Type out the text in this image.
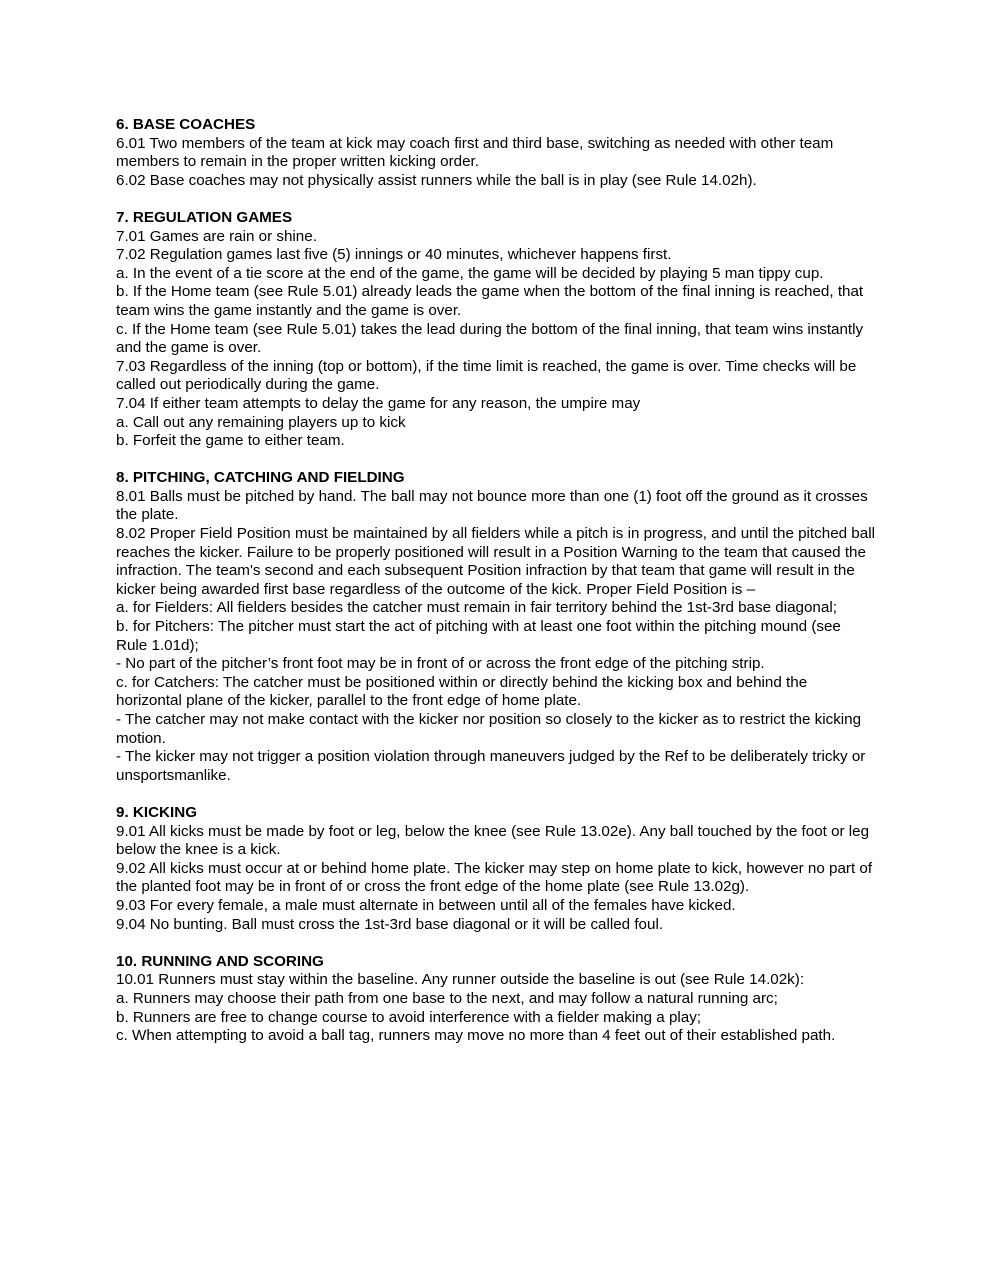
6. BASE COACHES
6.01 Two members of the team at kick may coach first and third base, switching as needed with other team members to remain in the proper written kicking order.
6.02 Base coaches may not physically assist runners while the ball is in play (see Rule 14.02h).
7. REGULATION GAMES
7.01 Games are rain or shine.
7.02 Regulation games last five (5) innings or 40 minutes, whichever happens first.
a. In the event of a tie score at the end of the game, the game will be decided by playing 5 man tippy cup.
b. If the Home team (see Rule 5.01) already leads the game when the bottom of the final inning is reached, that team wins the game instantly and the game is over.
c. If the Home team (see Rule 5.01) takes the lead during the bottom of the final inning, that team wins instantly and the game is over.
7.03 Regardless of the inning (top or bottom), if the time limit is reached, the game is over. Time checks will be called out periodically during the game.
7.04 If either team attempts to delay the game for any reason, the umpire may
a. Call out any remaining players up to kick
b. Forfeit the game to either team.
8. PITCHING, CATCHING AND FIELDING
8.01 Balls must be pitched by hand. The ball may not bounce more than one (1) foot off the ground as it crosses the plate.
8.02 Proper Field Position must be maintained by all fielders while a pitch is in progress, and until the pitched ball reaches the kicker. Failure to be properly positioned will result in a Position Warning to the team that caused the infraction. The team's second and each subsequent Position infraction by that team that game will result in the kicker being awarded first base regardless of the outcome of the kick. Proper Field Position is –
a. for Fielders: All fielders besides the catcher must remain in fair territory behind the 1st-3rd base diagonal;
b. for Pitchers: The pitcher must start the act of pitching with at least one foot within the pitching mound (see Rule 1.01d);
- No part of the pitcher’s front foot may be in front of or across the front edge of the pitching strip.
c. for Catchers: The catcher must be positioned within or directly behind the kicking box and behind the horizontal plane of the kicker, parallel to the front edge of home plate.
- The catcher may not make contact with the kicker nor position so closely to the kicker as to restrict the kicking motion.
- The kicker may not trigger a position violation through maneuvers judged by the Ref to be deliberately tricky or unsportsmanlike.
9. KICKING
9.01 All kicks must be made by foot or leg, below the knee (see Rule 13.02e). Any ball touched by the foot or leg below the knee is a kick.
9.02 All kicks must occur at or behind home plate. The kicker may step on home plate to kick, however no part of the planted foot may be in front of or cross the front edge of the home plate (see Rule 13.02g).
9.03 For every female, a male must alternate in between until all of the females have kicked.
9.04 No bunting. Ball must cross the 1st-3rd base diagonal or it will be called foul.
10. RUNNING AND SCORING
10.01 Runners must stay within the baseline. Any runner outside the baseline is out (see Rule 14.02k):
a. Runners may choose their path from one base to the next, and may follow a natural running arc;
b. Runners are free to change course to avoid interference with a fielder making a play;
c. When attempting to avoid a ball tag, runners may move no more than 4 feet out of their established path.
